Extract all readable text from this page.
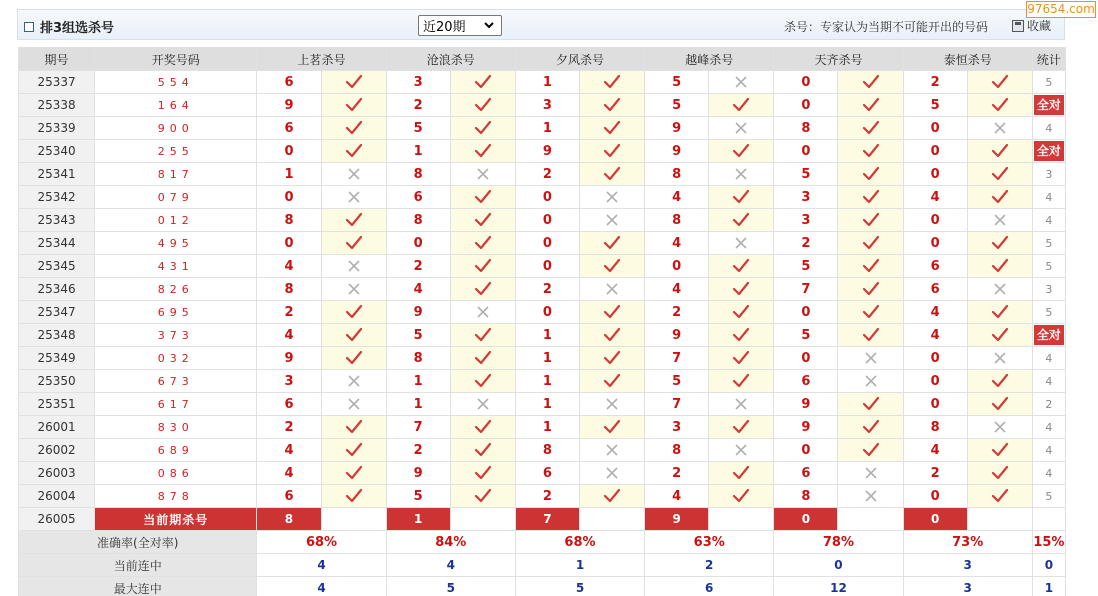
97654.com
排3组选杀号	近20期	杀号：专家认为当期不可能开出的号码	收藏
期号	开奖号码	上茗杀号		沧浪杀号		夕风杀号		越峰杀号		天齐杀号		泰恒杀号		统计
25337	554	6		3		1		5		0		2		5
25338	164	9		2		3		5		0		5		全对

25339	900	6		5		1		9		8		0		4
25340	255	0		1		9		9		0		0		全对

25341	817	1		8		2		8		5		0		3
25342	079	0		6		0		4		3		4		4
25343	012	8		8		0		8		3		0		4
25344	495	0		0		0		4		2		0		5
25345	431	4		2		0		0		5		6		5
25346	826	8		4		2		4		7		6		3
25347	695	2		9		0		2		0		4		5
25348	373	4		5		1		9		5		4		全对

25349	032	9		8		1		7		0		0		4
25350	673	3		1		1		5		6		0		4
25351	617	6		1		1		7		9		0		2
26001	830	2		7		1		3		9		8		4
26002	689	4		2		8		8		0		4		4
26003	086	4		9		6		2		6		2		4
26004	878	6		5		2		4		8		0		5
26005	当前期杀号	8		1		7		9		0		0		
准确率(全对率)		68%		84%		68%		63%		78%		73%		15%
当前连中		4		4		1		2		0		3		0
最大连中		4		5		5		6		12		3		1
